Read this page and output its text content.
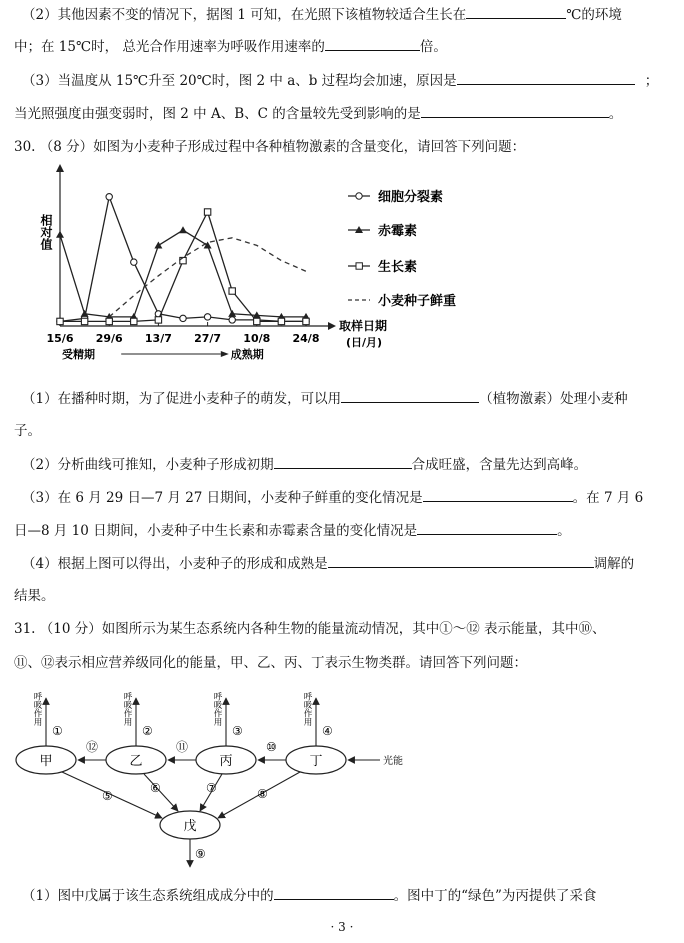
（2）其他因素不变的情况下，据图 1 可知，在光照下该植物较适合生长在	℃的环境
中；在 15℃时， 总光合作用速率为呼吸作用速率的	倍。
（3）当温度从 15℃升至 20℃时，图 2 中 a、b 过程均会加速，原因是	；
当光照强度由强变弱时，图 2 中 A、B、C 的含量较先受到影响的是	。
30. （8 分）如图为小麦种子形成过程中各种植物激素的含量变化，请回答下列问题：
相对值
15/6 29/6 13/7 27/7 10/8 24/8
取样日期
(日/月)
受精期	成熟期
细胞分裂素
赤霉素
生长素
小麦种子鲜重
（1）在播种时期，为了促进小麦种子的萌发，可以用	（植物激素）处理小麦种
子。
（2）分析曲线可推知，小麦种子形成初期	合成旺盛，含量先达到高峰。
（3）在 6 月 29 日—7 月 27 日期间，小麦种子鲜重的变化情况是	。在 7 月 6
日—8 月 10 日期间，小麦种子中生长素和赤霉素含量的变化情况是	。
（4）根据上图可以得出，小麦种子的形成和成熟是	调解的
结果。
31. （10 分）如图所示为某生态系统内各种生物的能量流动情况，其中①～⑫ 表示能量，其中⑩、
⑪、⑫表示相应营养级同化的能量，甲、乙、丙、丁表示生物类群。请回答下列问题：
甲	乙	丙	丁
戊
呼吸作用	呼吸作用	呼吸作用	呼吸作用
①	②	③	④
⑫	⑪	⑩
光能
⑤
⑥	⑦	⑧
⑨
（1）图中戊属于该生态系统组成成分中的	。图中丁的“绿色”为丙提供了采食
· 3 ·
